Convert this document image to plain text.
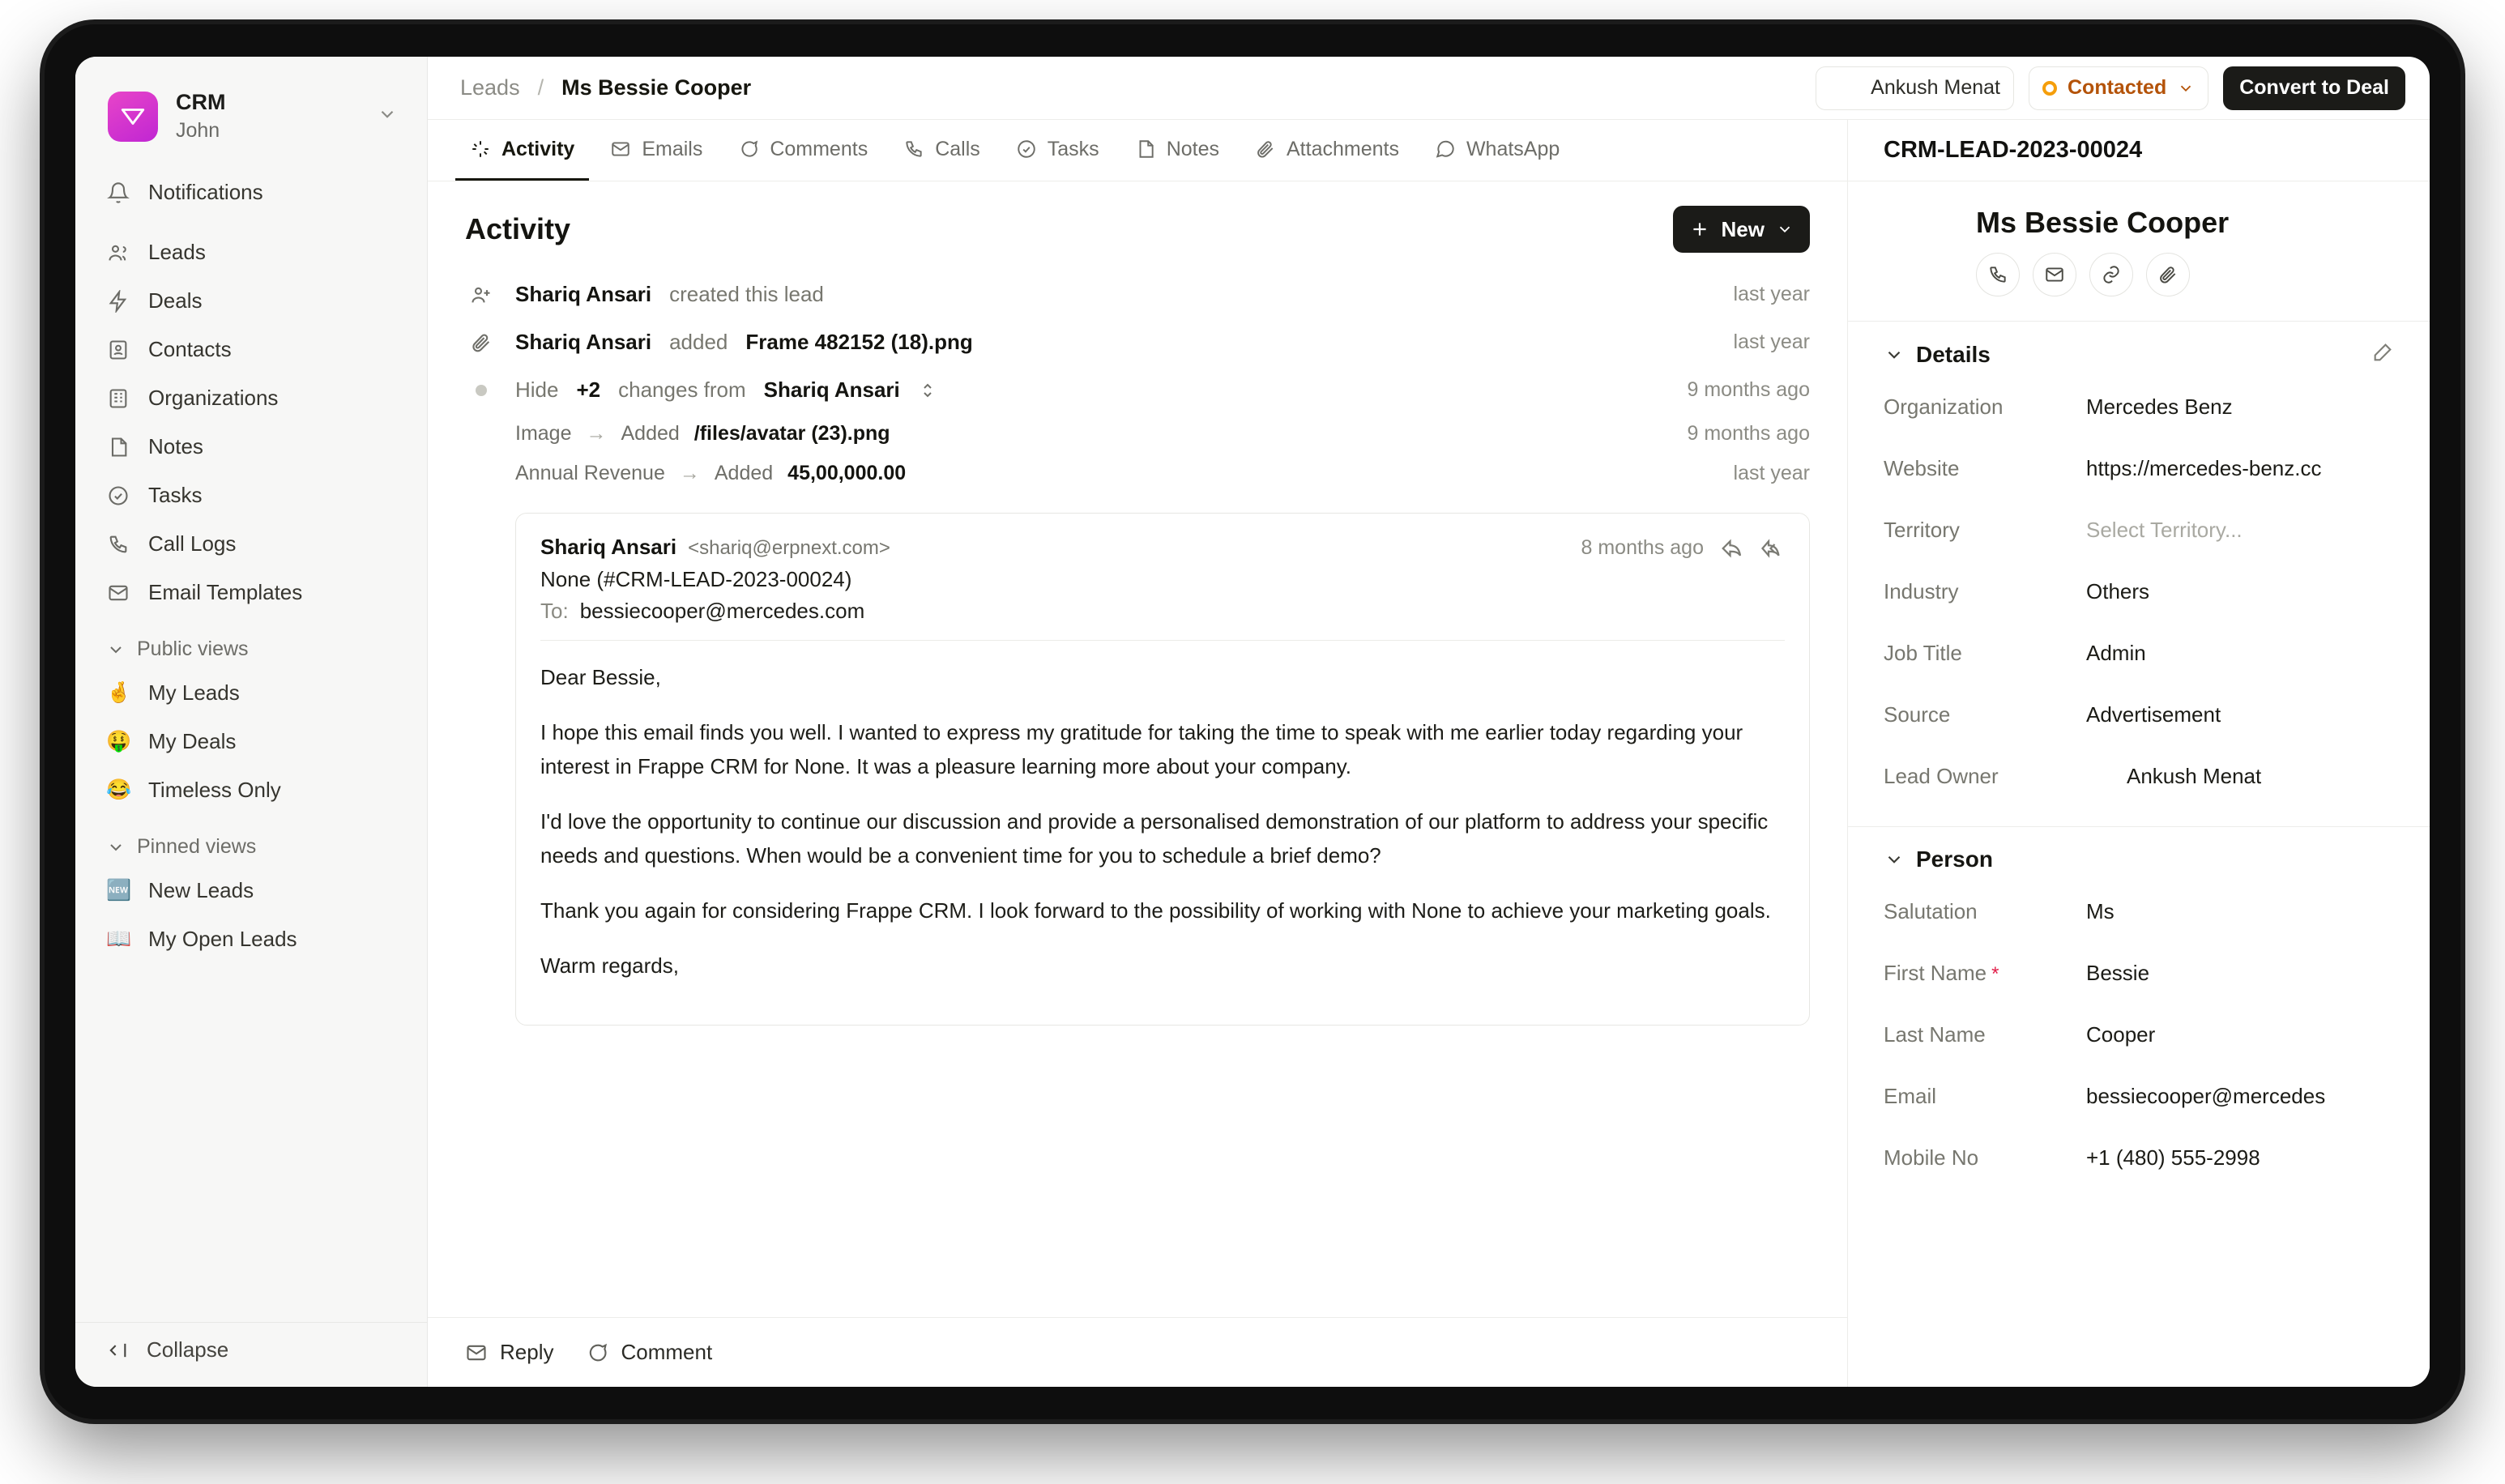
CRM
John
Notifications
Leads
Deals
Contacts
Organizations
Notes
Tasks
Call Logs
Email Templates
Public views
🤞 My Leads
🤑 My Deals
😂 Timeless Only
Pinned views
🆕 New Leads
📖 My Open Leads
Collapse
Leads / Ms Bessie Cooper	Ankush Menat	Contacted	Convert to Deal
Activity	Emails	Comments	Calls	Tasks	Notes	Attachments	WhatsApp
Activity	New
Shariq Ansari created this lead	last year
Shariq Ansari added Frame 482152 (18).png	last year
Hide +2 changes from Shariq Ansari	9 months ago
Image → Added /files/avatar (23).png	9 months ago
Annual Revenue → Added 45,00,000.00	last year
Shariq Ansari <shariq@erpnext.com>	8 months ago
None (#CRM-LEAD-2023-00024)
To: bessiecooper@mercedes.com

Dear Bessie,

I hope this email finds you well. I wanted to express my gratitude for taking the time to speak with me earlier today regarding your interest in Frappe CRM for None. It was a pleasure learning more about your company.

I'd love the opportunity to continue our discussion and provide a personalised demonstration of our platform to address your specific needs and questions. When would be a convenient time for you to schedule a brief demo?

Thank you again for considering Frappe CRM. I look forward to the possibility of working with None to achieve your marketing goals.

Warm regards,

Reply	Comment
CRM-LEAD-2023-00024
Ms Bessie Cooper
Details
Organization	Mercedes Benz
Website	https://mercedes-benz.cc
Territory	Select Territory...
Industry	Others
Job Title	Admin
Source	Advertisement
Lead Owner	Ankush Menat
Person
Salutation	Ms
First Name *	Bessie
Last Name	Cooper
Email	bessiecooper@mercedes
Mobile No	+1 (480) 555-2998
